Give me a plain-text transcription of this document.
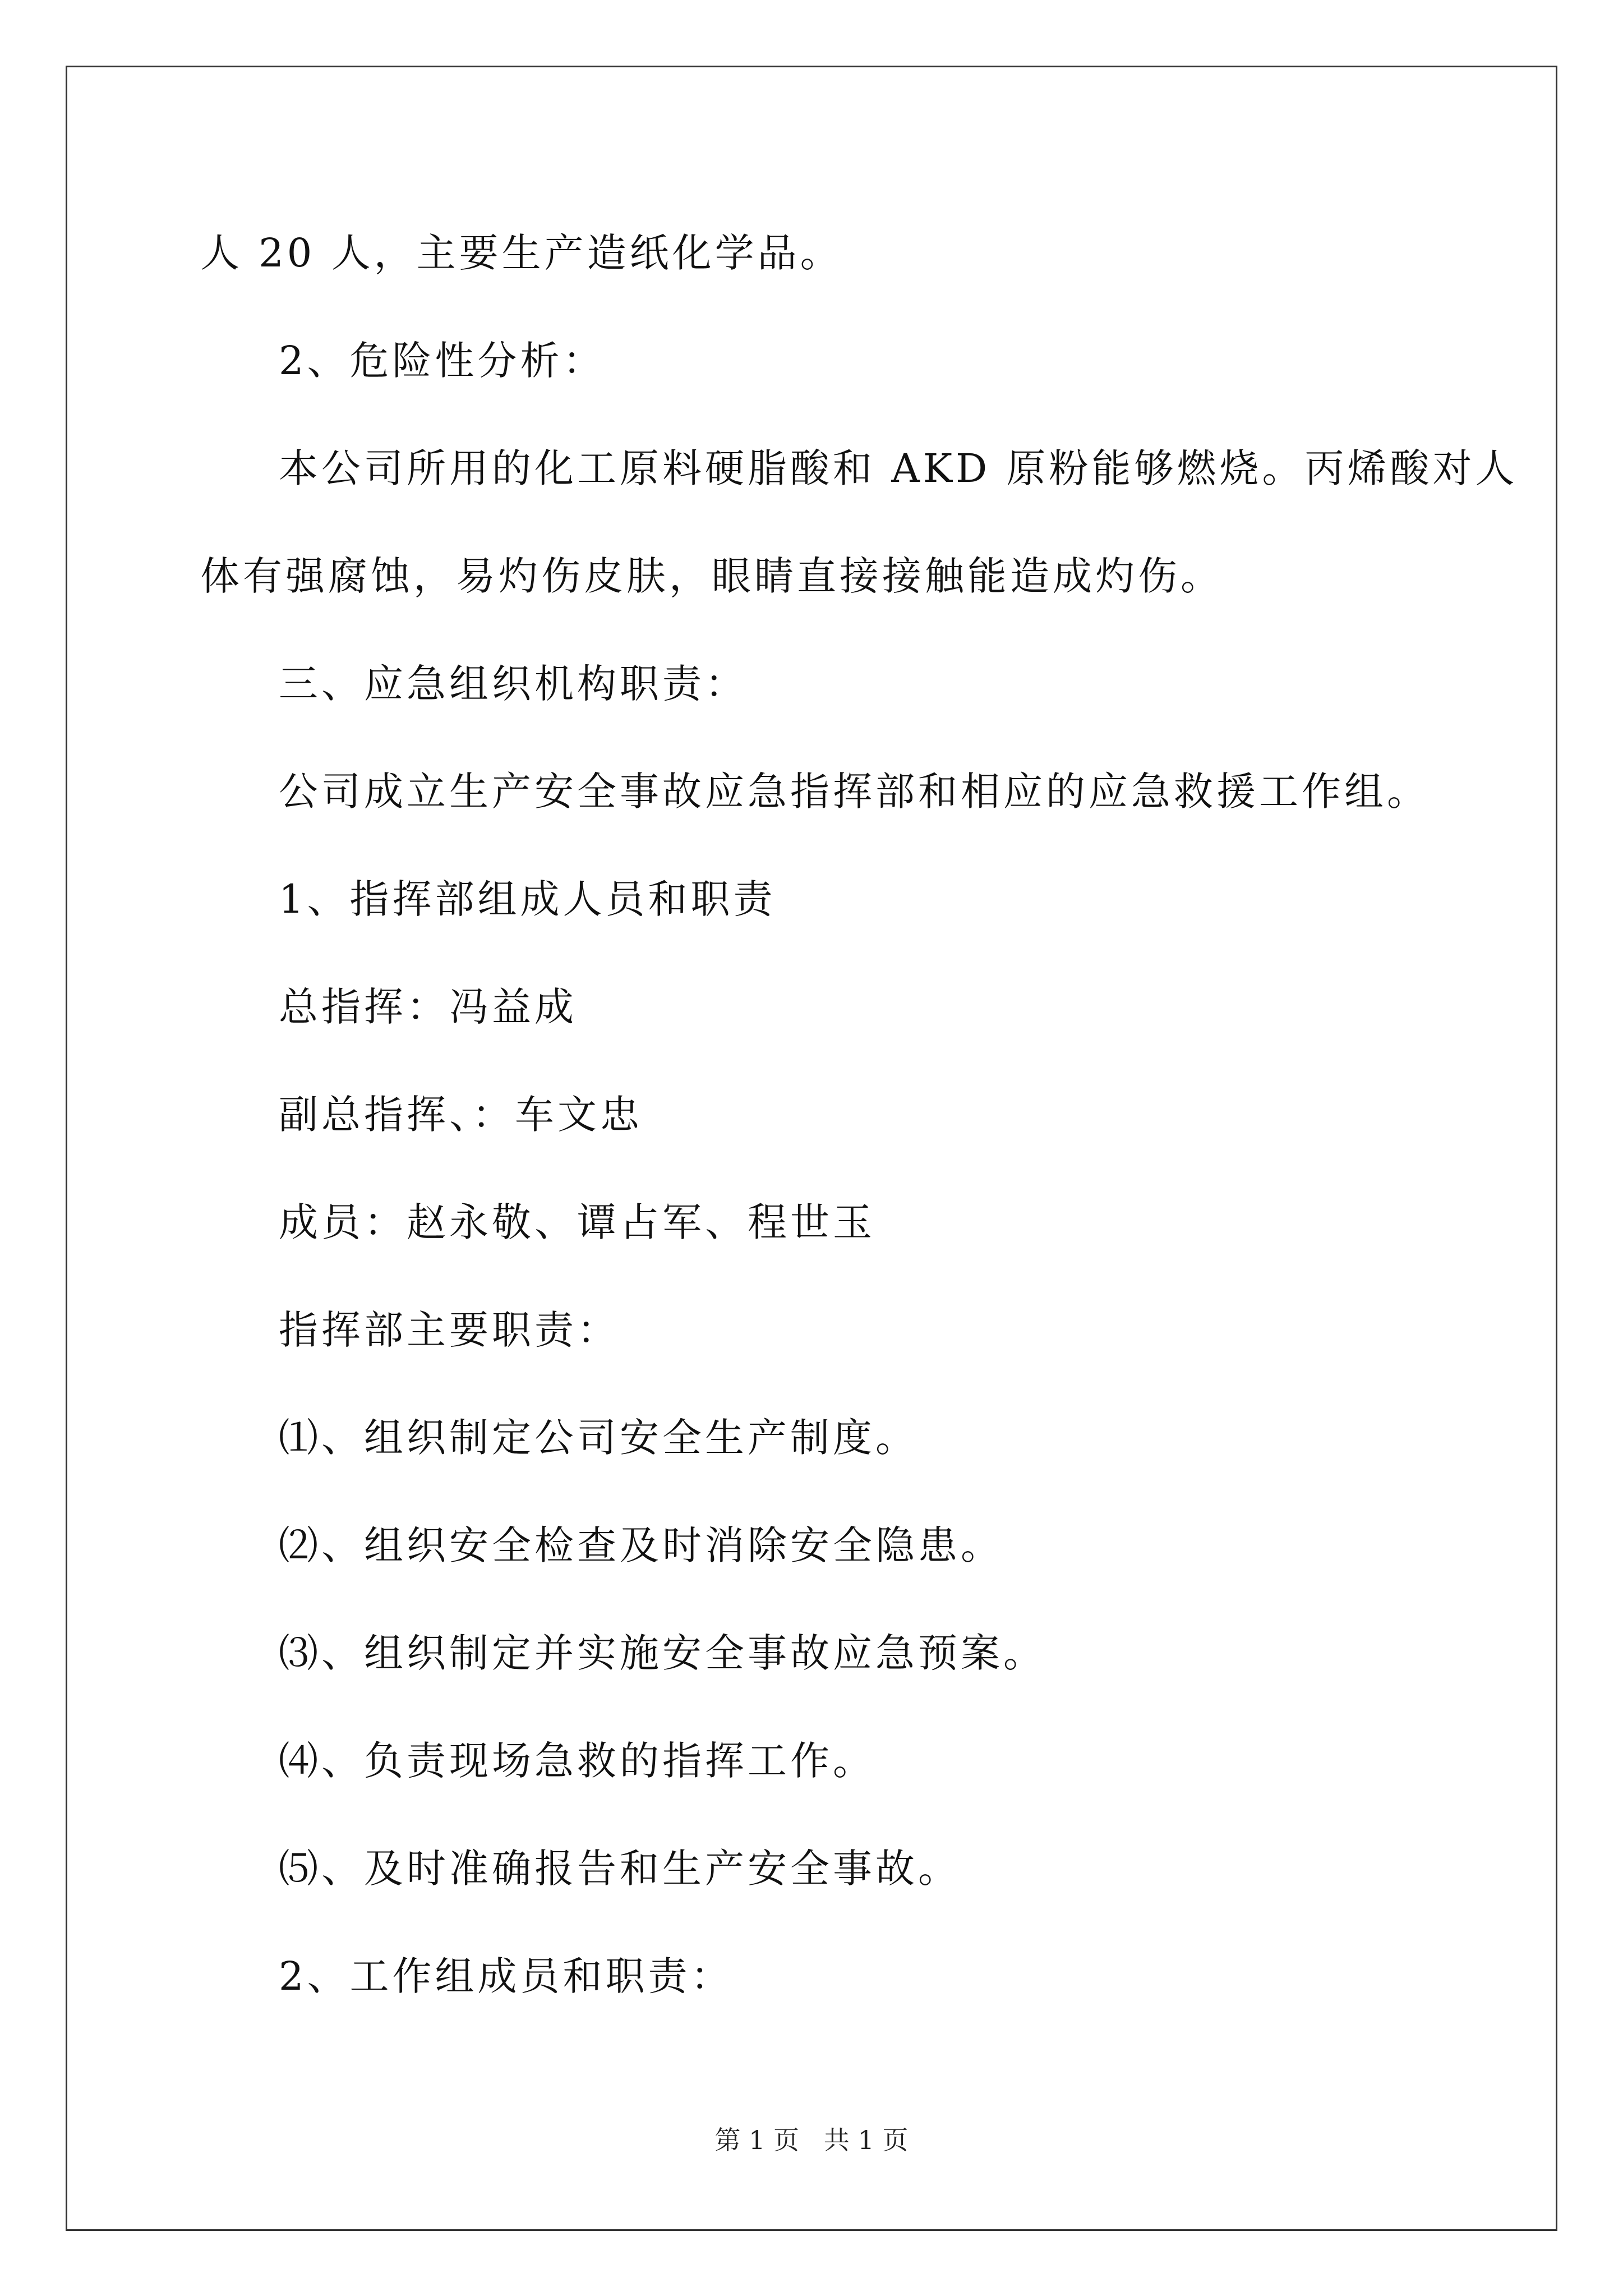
人 20 人，主要生产造纸化学品。
2、危险性分析：
本公司所用的化工原料硬脂酸和 AKD 原粉能够燃烧。丙烯酸对人
体有强腐蚀，易灼伤皮肤，眼睛直接接触能造成灼伤。
三、应急组织机构职责：
公司成立生产安全事故应急指挥部和相应的应急救援工作组。
1、指挥部组成人员和职责
总指挥：冯益成
副总指挥、：车文忠
成员：赵永敬、谭占军、程世玉
指挥部主要职责：
⑴、组织制定公司安全生产制度。
⑵、组织安全检查及时消除安全隐患。
⑶、组织制定并实施安全事故应急预案。
⑷、负责现场急救的指挥工作。
⑸、及时准确报告和生产安全事故。
2、工作组成员和职责：
第 1 页   共 1 页
